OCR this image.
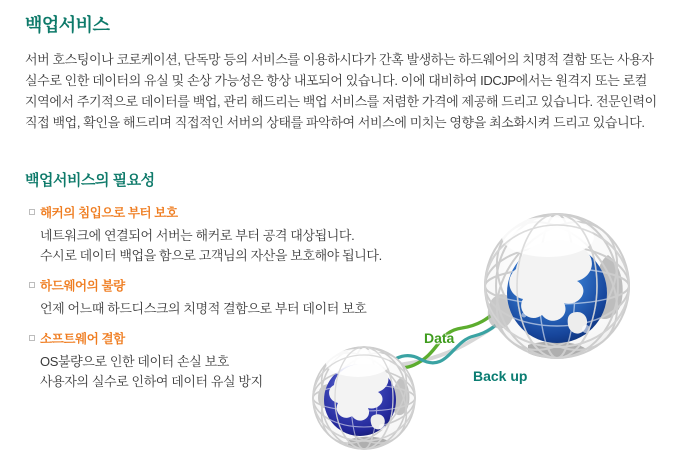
백업서비스
서버 호스팅이나 코로케이션, 단독망 등의 서비스를 이용하시다가 간혹 발생하는 하드웨어의 치명적 결함 또는 사용자
실수로 인한 데이터의 유실 및 손상 가능성은 항상 내포되어 있습니다. 이에 대비하여 IDCJP에서는 원격지 또는 로컬
지역에서 주기적으로 데이터를 백업, 관리 해드리는 백업 서비스를 저렴한 가격에 제공해 드리고 있습니다. 전문인력이
직접 백업, 확인을 해드리며 직접적인 서버의 상태를 파악하여 서비스에 미치는 영향을 최소화시켜 드리고 있습니다.
백업서비스의 필요성
해커의 침입으로 부터 보호
네트워크에 연결되어 서버는 해커로 부터 공격 대상됩니다.
수시로 데이터 백업을 함으로 고객님의 자산을 보호해야 됩니다.
하드웨어의 불량
언제 어느때 하드디스크의 치명적 결함으로 부터 데이터 보호
소프트웨어 결함
OS불량으로 인한 데이터 손실 보호
사용자의 실수로 인하여 데이터 유실 방지
Data
Back up
